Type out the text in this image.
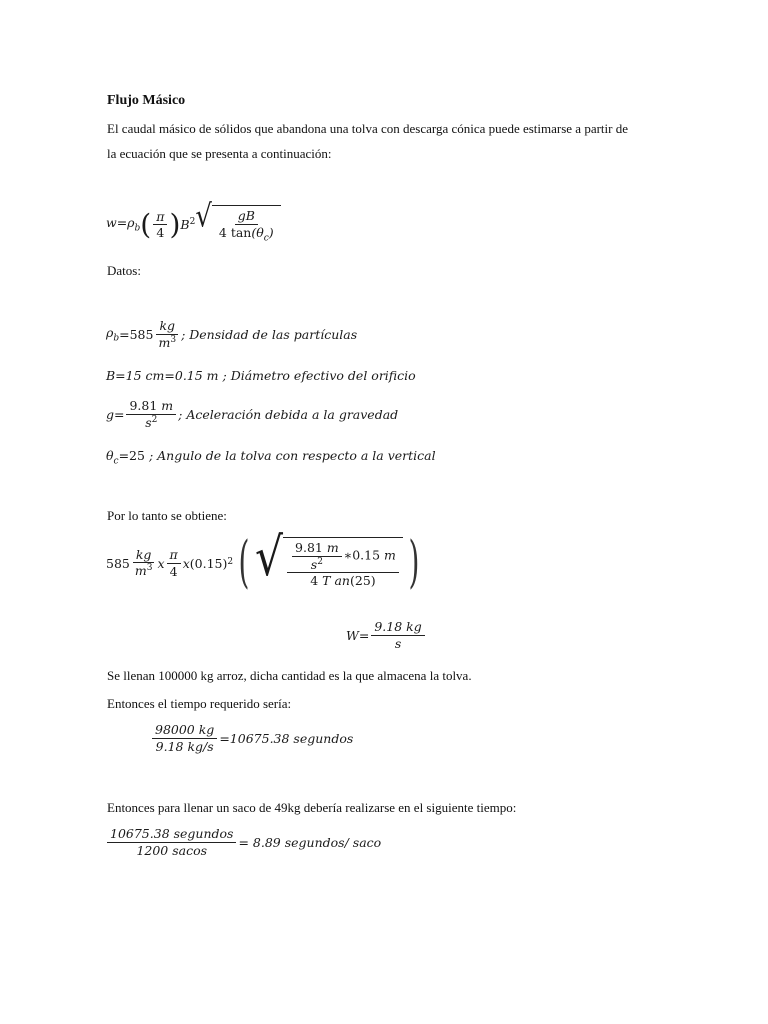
Flujo Másico
El caudal másico de sólidos que abandona una tolva con descarga cónica puede estimarse a partir de
la ecuación que se presenta a continuación:
$w=\rho_b$ ( $\frac{\pi}{4}$ ) $B^2$ √ $\frac{gB}{4 \tan(\theta_c)}$
Datos:
$\rho_b =585 \frac{kg}{m^3}$ ; Densidad de las partículas
B=15 cm=0.15 m ; Diámetro efectivo del orificio
$g= \frac{9.81 m}{s^2}$ ; Aceleración debida a la gravedad
$\theta_c=25$ ; Angulo de la tolva con respecto a la vertical
Por lo tanto se obtiene:
$585 \frac{kg}{m^3}$ x $\frac{\pi}{4}$ x (0.15) 2 ( √ $\frac{\frac{9.81 m}{s^2} ∗0.15 m}{\text{4 T an(25)}}$ )
$W= \frac{9.18 kg}{s}$
Se llenan 100000 kg arroz, dicha cantidad es la que almacena la tolva.
Entonces el tiempo requerido sería:
$\frac{98000 kg}{9.18 kg/s} =10675.38$ segundos
Entonces para llenar un saco de 49kg debería realizarse en el siguiente tiempo:
$\frac{\text{10675.38 segundos}}{1200 sacos} = 8.89$ segundos/ saco
